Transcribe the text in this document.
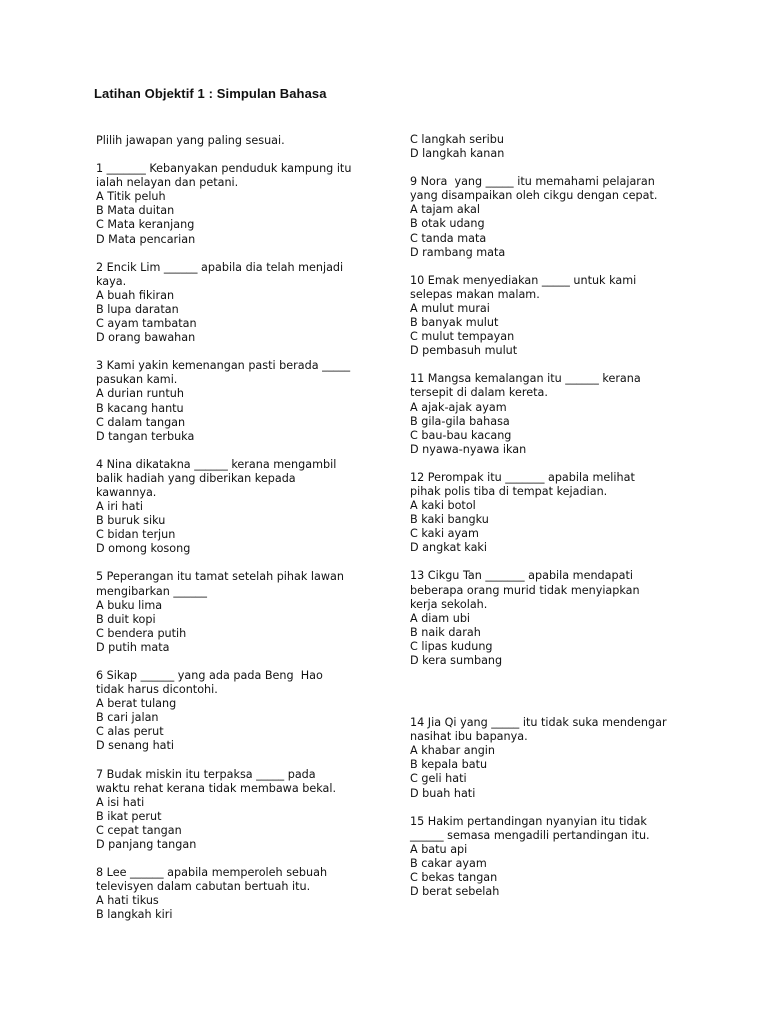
Latihan Objektif 1 : Simpulan Bahasa
Plilih jawapan yang paling sesuai.
1 _______ Kebanyakan penduduk kampung itu
ialah nelayan dan petani.
A Titik peluh
B Mata duitan
C Mata keranjang
D Mata pencarian
2 Encik Lim ______ apabila dia telah menjadi
kaya.
A buah fikiran
B lupa daratan
C ayam tambatan
D orang bawahan
3 Kami yakin kemenangan pasti berada _____
pasukan kami.
A durian runtuh
B kacang hantu
C dalam tangan
D tangan terbuka
4 Nina dikatakna ______ kerana mengambil
balik hadiah yang diberikan kepada
kawannya.
A iri hati
B buruk siku
C bidan terjun
D omong kosong
5 Peperangan itu tamat setelah pihak lawan
mengibarkan ______
A buku lima
B duit kopi
C bendera putih
D putih mata
6 Sikap ______ yang ada pada Beng  Hao
tidak harus dicontohi.
A berat tulang
B cari jalan
C alas perut
D senang hati
7 Budak miskin itu terpaksa _____ pada
waktu rehat kerana tidak membawa bekal.
A isi hati
B ikat perut
C cepat tangan
D panjang tangan
8 Lee ______ apabila memperoleh sebuah
televisyen dalam cabutan bertuah itu.
A hati tikus
B langkah kiri
C langkah seribu
D langkah kanan
9 Nora  yang _____ itu memahami pelajaran
yang disampaikan oleh cikgu dengan cepat.
A tajam akal
B otak udang
C tanda mata
D rambang mata
10 Emak menyediakan _____ untuk kami
selepas makan malam.
A mulut murai
B banyak mulut
C mulut tempayan
D pembasuh mulut
11 Mangsa kemalangan itu ______ kerana
tersepit di dalam kereta.
A ajak-ajak ayam
B gila-gila bahasa
C bau-bau kacang
D nyawa-nyawa ikan
12 Perompak itu _______ apabila melihat
pihak polis tiba di tempat kejadian.
A kaki botol
B kaki bangku
C kaki ayam
D angkat kaki
13 Cikgu Tan _______ apabila mendapati
beberapa orang murid tidak menyiapkan
kerja sekolah.
A diam ubi
B naik darah
C lipas kudung
D kera sumbang
14 Jia Qi yang _____ itu tidak suka mendengar
nasihat ibu bapanya.
A khabar angin
B kepala batu
C geli hati
D buah hati
15 Hakim pertandingan nyanyian itu tidak
______ semasa mengadili pertandingan itu.
A batu api
B cakar ayam
C bekas tangan
D berat sebelah
